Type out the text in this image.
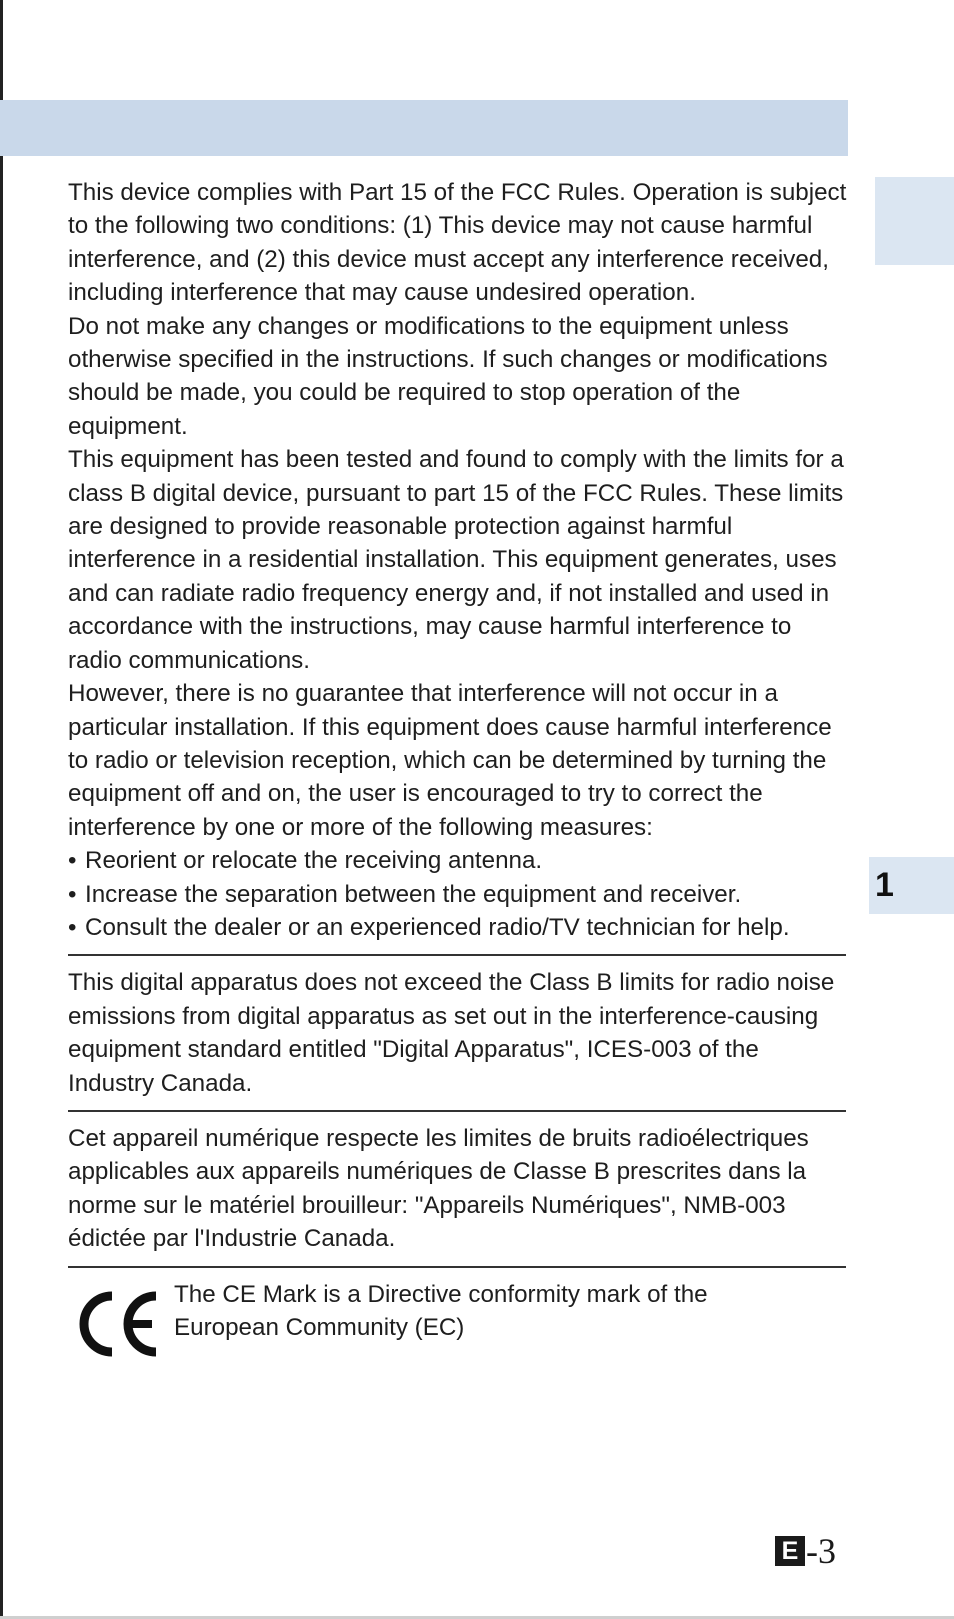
1

This device complies with Part 15 of the FCC Rules. Operation is subject to the following two conditions: (1) This device may not cause harmful interference, and (2) this device must accept any interference received, including interference that may cause undesired operation.

Do not make any changes or modifications to the equipment unless otherwise specified in the instructions. If such changes or modifications should be made, you could be required to stop operation of the equipment.

This equipment has been tested and found to comply with the limits for a class B digital device, pursuant to part 15 of the FCC Rules. These limits are designed to provide reasonable protection against harmful interference in a residential installation. This equipment generates, uses and can radiate radio frequency energy and, if not installed and used in accordance with the instructions, may cause harmful interference to radio communications.

However, there is no guarantee that interference will not occur in a particular installation. If this equipment does cause harmful interference to radio or television reception, which can be determined by turning the equipment off and on, the user is encouraged to try to correct the interference by one or more of the following measures:

• Reorient or relocate the receiving antenna.
• Increase the separation between the equipment and receiver.
• Consult the dealer or an experienced radio/TV technician for help.

This digital apparatus does not exceed the Class B limits for radio noise emissions from digital apparatus as set out in the interference-causing equipment standard entitled "Digital Apparatus", ICES-003 of the Industry Canada.

Cet appareil numérique respecte les limites de bruits radioélectriques applicables aux appareils numériques de Classe B prescrites dans la norme sur le matériel brouilleur: "Appareils Numériques", NMB-003 édictée par l'Industrie Canada.

The CE Mark is a Directive conformity mark of the

European Community (EC)

E -3
